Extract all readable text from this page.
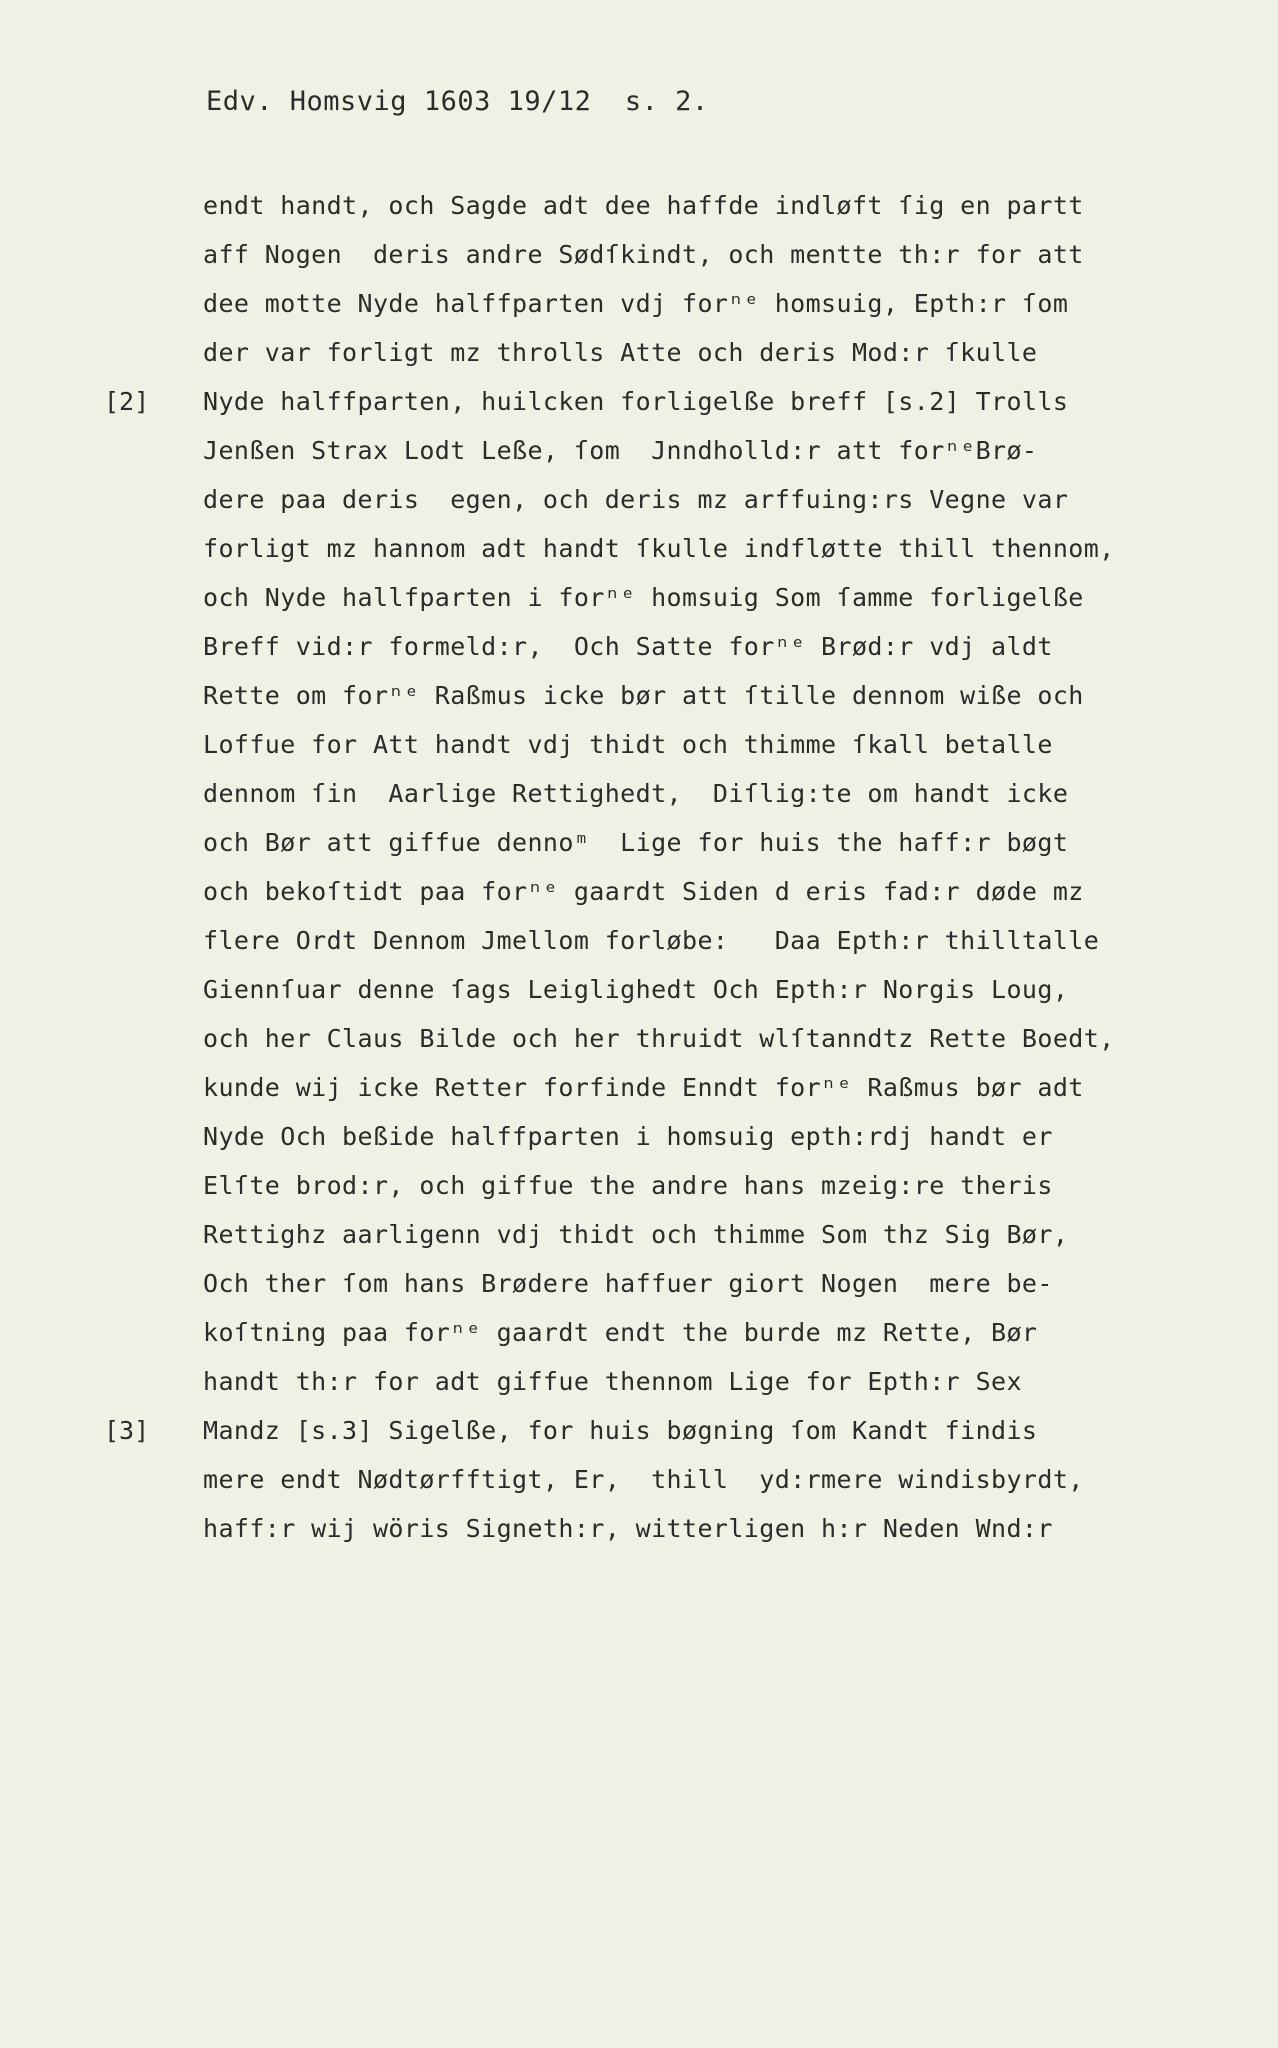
Edv. Homsvig 1603 19/12  s. 2.
endt handt, och Sagde adt dee haffde indløft ſig en partt
aff Nogen  deris andre Sødſkindt, och mentte th:r for att
dee motte Nyde halffparten vdj forⁿᵉ homsuig, Epth:r ſom
der var forligt mz throlls Atte och deris Mod:r ſkulle
[2] Nyde halffparten, huilcken forligelße breff [s.2] Trolls
Jenßen Strax Lodt Leße, ſom  Jnndholld:r att forⁿᵉBrø-
dere paa deris  egen, och deris mz arffuing:rs Vegne var
forligt mz hannom adt handt ſkulle indfløtte thill thennom,
och Nyde hallfparten i forⁿᵉ homsuig Som ſamme forligelße
Breff vid:r formeld:r,  Och Satte forⁿᵉ Brød:r vdj aldt
Rette om forⁿᵉ Raßmus icke bør att ſtille dennom wiße och
Loffue for Att handt vdj thidt och thimme ſkall betalle
dennom ſin  Aarlige Rettighedt,  Diſlig:te om handt icke
och Bør att giffue dennoᵐ  Lige for huis the haff:r bøgt
och bekoſtidt paa forⁿᵉ gaardt Siden d eris fad:r døde mz
flere Ordt Dennom Jmellom forløbe:   Daa Epth:r thilltalle
Giennſuar denne ſags Leiglighedt Och Epth:r Norgis Loug,
och her Claus Bilde och her thruidt wlſtanndtz Rette Boedt,
kunde wij icke Retter forfinde Enndt forⁿᵉ Raßmus bør adt
Nyde Och beßide halffparten i homsuig epth:rdj handt er
Elſte brod:r, och giffue the andre hans mzeig:re theris
Rettighz aarligenn vdj thidt och thimme Som thz Sig Bør,
Och ther ſom hans Brødere haffuer giort Nogen  mere be-
koſtning paa forⁿᵉ gaardt endt the burde mz Rette, Bør
handt th:r for adt giffue thennom Lige for Epth:r Sex
[3] Mandz [s.3] Sigelße, for huis bøgning ſom Kandt findis
mere endt Nødtørfftigt, Er,  thill  yd:rmere windisbyrdt,
haff:r wij wöris Signeth:r, witterligen h:r Neden Wnd:r
